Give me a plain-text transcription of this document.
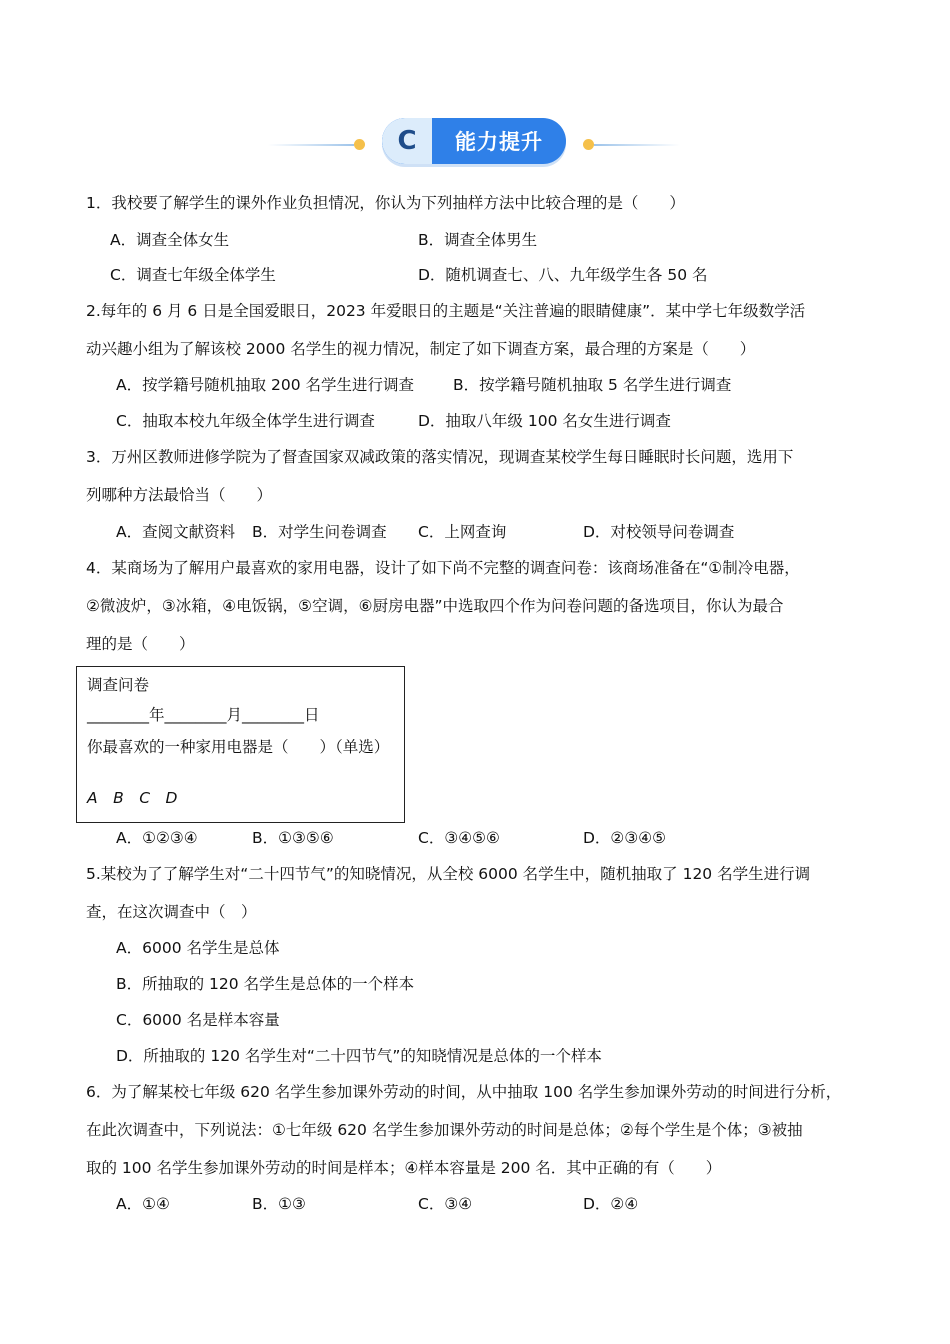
C	能力提升
1．我校要了解学生的课外作业负担情况，你认为下列抽样方法中比较合理的是（　　）
A．调查全体女生	B．调查全体男生
C．调查七年级全体学生	D．随机调查七、八、九年级学生各 50 名
2.每年的 6 月 6 日是全国爱眼日，2023 年爱眼日的主题是“关注普遍的眼睛健康”．某中学七年级数学活
动兴趣小组为了解该校 2000 名学生的视力情况，制定了如下调查方案，最合理的方案是（　　）
A．按学籍号随机抽取 200 名学生进行调查	B．按学籍号随机抽取 5 名学生进行调查
C．抽取本校九年级全体学生进行调查	D．抽取八年级 100 名女生进行调查
3．万州区教师进修学院为了督查国家双减政策的落实情况，现调查某校学生每日睡眠时长问题，选用下
列哪种方法最恰当（　　）
A．查阅文献资料 B．对学生问卷调查 C．上网查询	D．对校领导问卷调查
4．某商场为了解用户最喜欢的家用电器，设计了如下尚不完整的调查问卷：该商场准备在“①制冷电器，
②微波炉，③冰箱，④电饭锅，⑤空调，⑥厨房电器”中选取四个作为问卷问题的备选项目，你认为最合
理的是（　　）
调查问卷
________年________月________日
你最喜欢的一种家用电器是（　　）（单选）
A　B　C　D
A．①②③④	B．①③⑤⑥	C．③④⑤⑥	D．②③④⑤
5.某校为了了解学生对“二十四节气”的知晓情况，从全校 6000 名学生中，随机抽取了 120 名学生进行调
查，在这次调查中（　）
A．6000 名学生是总体
B．所抽取的 120 名学生是总体的一个样本
C．6000 名是样本容量
D．所抽取的 120 名学生对“二十四节气”的知晓情况是总体的一个样本
6．为了解某校七年级 620 名学生参加课外劳动的时间，从中抽取 100 名学生参加课外劳动的时间进行分析，
在此次调查中，下列说法：①七年级 620 名学生参加课外劳动的时间是总体；②每个学生是个体；③被抽
取的 100 名学生参加课外劳动的时间是样本；④样本容量是 200 名．其中正确的有（　　）
A．①④	B．①③	C．③④	D．②④
